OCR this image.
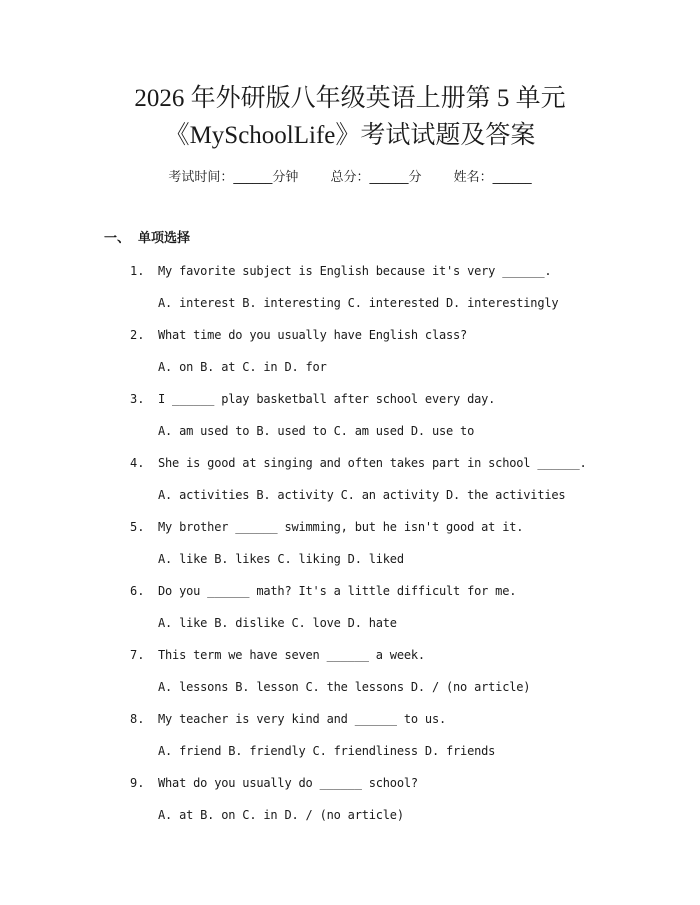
2026 年外研版八年级英语上册第 5 单元
《MySchoolLife》考试试题及答案
考试时间：______分钟 总分：______分 姓名：______
一、 单项选择
1. My favorite subject is English because it's very ______.
A. interest B. interesting C. interested D. interestingly
2. What time do you usually have English class?
A. on B. at C. in D. for
3. I ______ play basketball after school every day.
A. am used to B. used to C. am used D. use to
4. She is good at singing and often takes part in school ______.
A. activities B. activity C. an activity D. the activities
5. My brother ______ swimming, but he isn't good at it.
A. like B. likes C. liking D. liked
6. Do you ______ math? It's a little difficult for me.
A. like B. dislike C. love D. hate
7. This term we have seven ______ a week.
A. lessons B. lesson C. the lessons D. / (no article)
8. My teacher is very kind and ______ to us.
A. friend B. friendly C. friendliness D. friends
9. What do you usually do ______ school?
A. at B. on C. in D. / (no article)
